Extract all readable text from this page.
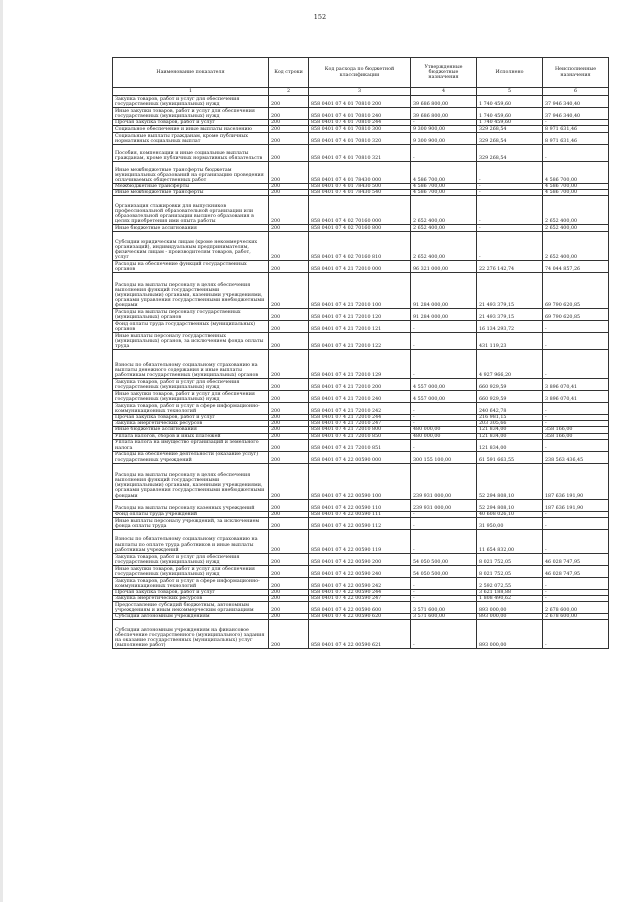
152
Наименование показателя	Код строки	Код расхода по бюджетной классификации	Утвержденные бюджетные назначения	Исполнено	Неисполненные назначения
1	2	3	4	5	6
Закупка товаров, работ и услуг для обеспечения государственных (муниципальных) нужд	200	858 0401 07 4 01 70810 200	39 686 800,00	1 740 459,60	37 946 340,40
Иные закупки товаров, работ и услуг для обеспечения государственных (муниципальных) нужд	200	858 0401 07 4 01 70810 240	39 686 800,00	1 740 459,60	37 946 340,40
Прочая закупка товаров, работ и услуг	200	858 0401 07 4 01 70810 244	-	1 740 459,60	-
Социальное обеспечение и иные выплаты населению	200	858 0401 07 4 01 70810 300	9 300 900,00	329 268,54	8 971 631,46
Социальные выплаты гражданам, кроме публичных нормативных социальных выплат	200	858 0401 07 4 01 70810 320	9 300 900,00	329 268,54	8 971 631,46
Пособия, компенсации и иные социальные выплаты гражданам, кроме публичных нормативных обязательств	200	858 0401 07 4 01 70810 321	-	329 268,54	-
Иные межбюджетные трансферты бюджетам муниципальных образований на организацию проведения оплачиваемых общественных работ	200	858 0401 07 4 01 78430 000	4 586 700,00	-	4 586 700,00
Межбюджетные трансферты	200	858 0401 07 4 01 78430 500	4 586 700,00	-	4 586 700,00
Иные межбюджетные трансферты	200	858 0401 07 4 01 78430 540	4 586 700,00	-	4 586 700,00
Организация стажировки для выпускников профессиональной образовательной организации или образовательной организации высшего образования в целях приобретения ими опыта работы	200	858 0401 07 4 02 70160 000	2 652 400,00	-	2 652 400,00
Иные бюджетные ассигнования	200	858 0401 07 4 02 70160 800	2 652 400,00	-	2 652 400,00
Субсидии юридическим лицам (кроме некоммерческих организаций), индивидуальным предпринимателям, физическим лицам - производителям товаров, работ, услуг	200	858 0401 07 4 02 70160 810	2 652 400,00	-	2 652 400,00
Расходы на обеспечение функций государственных органов	200	858 0401 07 4 21 72010 000	96 321 000,00	22 276 142,74	74 044 857,26
Расходы на выплаты персоналу в целях обеспечения выполнения функций государственными (муниципальными) органами, казенными учреждениями, органами управления государственными внебюджетными фондами	200	858 0401 07 4 21 72010 100	91 284 000,00	21 493 379,15	69 790 620,85
Расходы на выплаты персоналу государственных (муниципальных) органов	200	858 0401 07 4 21 72010 120	91 284 000,00	21 493 379,15	69 790 620,85
Фонд оплаты труда государственных (муниципальных) органов	200	858 0401 07 4 21 72010 121	-	16 134 293,72	-
Иные выплаты персоналу государственных (муниципальных) органов, за исключением фонда оплаты труда	200	858 0401 07 4 21 72010 122	-	431 119,23	-
Взносы по обязательному социальному страхованию на выплаты денежного содержания и иные выплаты работникам государственных (муниципальных) органов	200	858 0401 07 4 21 72010 129	-	4 927 966,20	-
Закупка товаров, работ и услуг для обеспечения государственных (муниципальных) нужд	200	858 0401 07 4 21 72010 200	4 557 000,00	660 929,59	3 896 070,41
Иные закупки товаров, работ и услуг для обеспечения государственных (муниципальных) нужд	200	858 0401 07 4 21 72010 240	4 557 000,00	660 929,59	3 896 070,41
Закупка товаров, работ и услуг в сфере информационно-коммуникационных технологий	200	858 0401 07 4 21 72010 242	-	240 642,78	-
Прочая закупка товаров, работ и услуг	200	858 0401 07 4 21 72010 244	-	216 981,15	-
Закупка энергетических ресурсов	200	858 0401 07 4 21 72010 247	-	203 305,66	-
Иные бюджетные ассигнования	200	858 0401 07 4 21 72010 800	480 000,00	121 834,00	358 166,00
Уплата налогов, сборов и иных платежей	200	858 0401 07 4 21 72010 850	480 000,00	121 834,00	358 166,00
Уплата налога на имущество организаций и земельного налога	200	858 0401 07 4 21 72010 851	-	121 834,00	-
Расходы на обеспечение деятельности (оказание услуг) государственных учреждений	200	858 0401 07 4 22 00590 000	300 155 100,00	61 591 663,55	238 563 436,45
Расходы на выплаты персоналу в целях обеспечения выполнения функций государственными (муниципальными) органами, казенными учреждениями, органами управления государственными внебюджетными фондами	200	858 0401 07 4 22 00590 100	239 931 000,00	52 294 808,10	187 636 191,90
Расходы на выплаты персоналу казенных учреждений	200	858 0401 07 4 22 00590 110	239 931 000,00	52 294 808,10	187 636 191,90
Фонд оплаты труда учреждений	200	858 0401 07 4 22 00590 111	-	40 608 026,10	-
Иные выплаты персоналу учреждений, за исключением фонда оплаты труда	200	858 0401 07 4 22 00590 112	-	31 950,00	-
Взносы по обязательному социальному страхованию на выплаты по оплате труда работников и иные выплаты работникам учреждений	200	858 0401 07 4 22 00590 119	-	11 654 832,00	-
Закупка товаров, работ и услуг для обеспечения государственных (муниципальных) нужд	200	858 0401 07 4 22 00590 200	54 050 500,00	8 021 752,05	46 028 747,95
Иные закупки товаров, работ и услуг для обеспечения государственных (муниципальных) нужд	200	858 0401 07 4 22 00590 240	54 050 500,00	8 021 752,05	46 028 747,95
Закупка товаров, работ и услуг в сфере информационно-коммуникационных технологий	200	858 0401 07 4 22 00590 242	-	2 592 072,55	-
Прочая закупка товаров, работ и услуг	200	858 0401 07 4 22 00590 244	-	3 621 188,88	-
Закупка энергетических ресурсов	200	858 0401 07 4 22 00590 247	-	1 808 490,62	-
Предоставление субсидий бюджетным, автономным учреждениям и иным некоммерческим организациям	200	858 0401 07 4 22 00590 600	3 571 600,00	893 000,00	2 678 600,00
Субсидии автономным учреждениям	200	858 0401 07 4 22 00590 620	3 571 600,00	893 000,00	2 678 600,00
Субсидии автономным учреждениям на финансовое обеспечение государственного (муниципального) задания на оказание государственных (муниципальных) услуг (выполнение работ)	200	858 0401 07 4 22 00590 621	-	893 000,00	-
